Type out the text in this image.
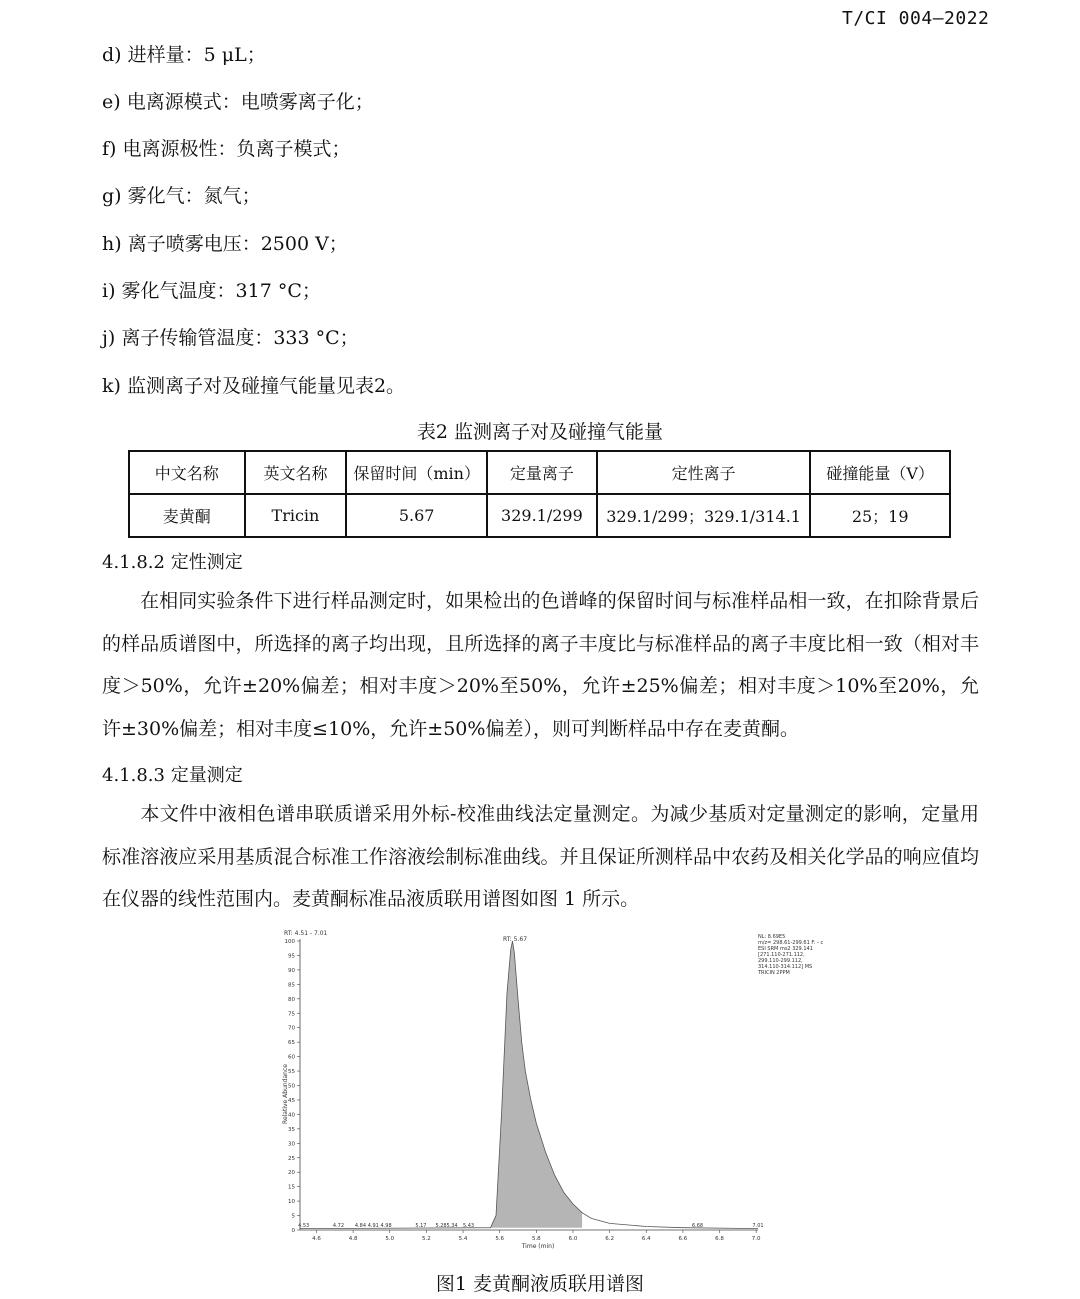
T/CI 004—2022
d) 进样量：5 μL；
e) 电离源模式：电喷雾离子化；
f) 电离源极性：负离子模式；
g) 雾化气：氮气；
h) 离子喷雾电压：2500 V；
i) 雾化气温度：317 °C；
j) 离子传输管温度：333 °C；
k) 监测离子对及碰撞气能量见表2。
表2 监测离子对及碰撞气能量
中文名称	英文名称	保留时间（min）	定量离子	定性离子	碰撞能量（V）
麦黄酮	Tricin	5.67	329.1/299	329.1/299；329.1/314.1	25；19
4.1.8.2 定性测定
在相同实验条件下进行样品测定时，如果检出的色谱峰的保留时间与标准样品相一致，在扣除背景后的样品质谱图中，所选择的离子均出现，且所选择的离子丰度比与标准样品的离子丰度比相一致（相对丰度＞50%，允许±20%偏差；相对丰度＞20%至50%，允许±25%偏差；相对丰度＞10%至20%，允许±30%偏差；相对丰度≤10%，允许±50%偏差），则可判断样品中存在麦黄酮。
4.1.8.3 定量测定
本文件中液相色谱串联质谱采用外标-校准曲线法定量测定。为减少基质对定量测定的影响，定量用标准溶液应采用基质混合标准工作溶液绘制标准曲线。并且保证所测样品中农药及相关化学品的响应值均在仪器的线性范围内。麦黄酮标准品液质联用谱图如图 1 所示。
RT: 4.51 - 7.01
RT: 5.67	NL: 8.69E5
m/z= 298.61-299.61 F: - c
ESI SRM ms2 329.141
[271.110-271.112,
299.110-299.112,
314.110-314.112] MS
TRICIN 2PPM
Relative Abundance
Time (min)
0
5
10
15
20
25
30
35
40
45
50
55
60
65
70
75
80
85
90
95
100
4.6	4.8	5.0	5.2	5.4	5.6	5.8	6.0	6.2	6.4	6.6	6.8	7.0
4.53	4.72 4.84 4.91 4.98	5.17 5.28 5.34 5.43	6.68	7.01
图1 麦黄酮液质联用谱图
